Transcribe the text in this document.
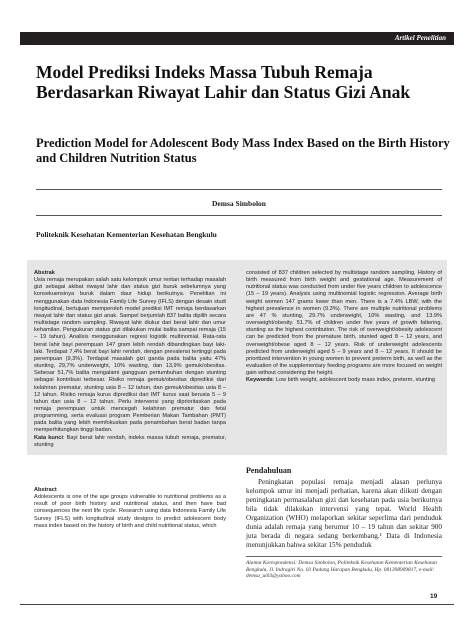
Artikel Penelitian
Model Prediksi Indeks Massa Tubuh Remaja Berdasarkan Riwayat Lahir dan Status Gizi Anak
Prediction Model for Adolescent Body Mass Index Based on the Birth History and Children Nutrition Status
Demsa Simbolon
Politeknik Kesehatan Kementerian Kesehatan Bengkulu

Abstrak

Usia remaja merupakan salah satu kelompok umur rentan terhadap masalah gizi sebagai akibat riwayat lahir dan status gizi buruk sebelumnya yang konsekuensinya buruk dalam daur hidup berikutnya. Penelitian ini menggunakan data Indonesia Family Life Survey (IFLS) dengan desain studi longitudinal, bertujuan memperoleh model prediksi IMT remaja berdasarkan riwayat lahir dan status gizi anak. Sampel berjumlah 837 balita dipilih secara multistage random sampling. Riwayat lahir diukur dari berat lahir dan umur kehamilan. Pengukuran status gizi dilakukan mulai balita sampai remaja (15 – 19 tahun). Analisis menggunakan regresi logistik multinomial. Rata-rata berat lahir bayi perempuan 147 gram lebih rendah dibandingkan bayi laki-laki. Terdapat 7,4% berat bayi lahir rendah, dengan prevalensi tertinggi pada perempuan (9,3%). Terdapat masalah gizi ganda pada balita yaitu 47% stunting, 29,7% underweight, 10% wasting, dan 13,9% gemuk/obesitas. Sebesar 51,7% balita mengalami gangguan pertumbuhan dengan stunting sebagai kontribusi terbesar. Risiko remaja gemuk/obesitas diprediksi dari kelahiran prematur, stunting usia 8 – 12 tahun, dan gemuk/obesitas usia 8 – 12 tahun. Risiko remaja kurus diprediksi dari IMT kurus saat berusia 5 – 9 tahun dan usia 8 – 12 tahun. Perlu intervensi yang diprioritaskan pada remaja perempuan untuk mencegah kelahiran prematur dan fetal programming, serta evaluasi program Pemberian Makan Tambahan (PMT) pada balita yang lebih memfokuskan pada penambahan berat badan tanpa memperhitungkan tinggi badan.

Kata kunci: Bayi berat lahir rendah, indeks massa tubuh remaja, prematur, stunting

Abstract

Adolescents is one of the age groups vulnerable to nutritional problems as a result of poor birth history and nutritional status, and then have bad consequences the next life cycle. Research using data Indonesia Family Life Survey (IFLS) with longitudinal study designs to predict adolescent body mass index based on the history of birth and child nutritional status, which

consisted of 837 children selected by multistage random sampling. History of birth measured from birth weight and gestational age. Measurement of nutritional status was conducted from under five years children to adolescence (15 – 19 years). Analysis using multinomial logistic regression. Average birth weight women 147 grams lower than men. There is a 7.4% LBW, with the highest prevalence in women (9.3%). There are multiple nutritional problems are 47 % stunting, 29.7% underweight, 10% wasting, and 13.9% overweight/obesity. 51.7% of children under five years of growth faltering, stunting as the highest contribution. The risk of overweight/obesity adolescent can be predicted from the premature birth, stunted aged 8 – 12 years, and overweight/obese aged 8 – 12 years. Risk of underweight adolescents predicted from underweight aged 5 – 9 years and 8 – 12 years. It should be prioritized intervention in young women to prevent preterm birth, as well as the evaluation of the supplementary feeding programs are more focused on weight gain without considering the height.

Keywords: Low birth weight, adolescent body mass index, preterm, stunting

Pendahuluan

Peningkatan populasi remaja menjadi alasan perlunya kelompok umur ini menjadi perhatian, karena akan diikuti dengan peningkatan permasalahan gizi dan kesehatan pada usia berikutnya bila tidak dilakukan intervensi yang tepat. World Health Organization (WHO) melaporkan sekitar seperlima dari penduduk dunia adalah remaja yang berumur 10 – 19 tahun dan sekitar 900 juta berada di negara sedang berkembang.¹ Data di Indonesia menunjukkan bahwa sekitar 15% penduduk

Alamat Korespondensi: Demsa Simbolon, Politeknik Kesehatan Kementerian Kesehatan Bengkulu, Jl. Indragiri No. 03 Padang Harapan Bengkulu, Hp. 081398909817, e-mail: demsa_ui03@yahoo.com
19
